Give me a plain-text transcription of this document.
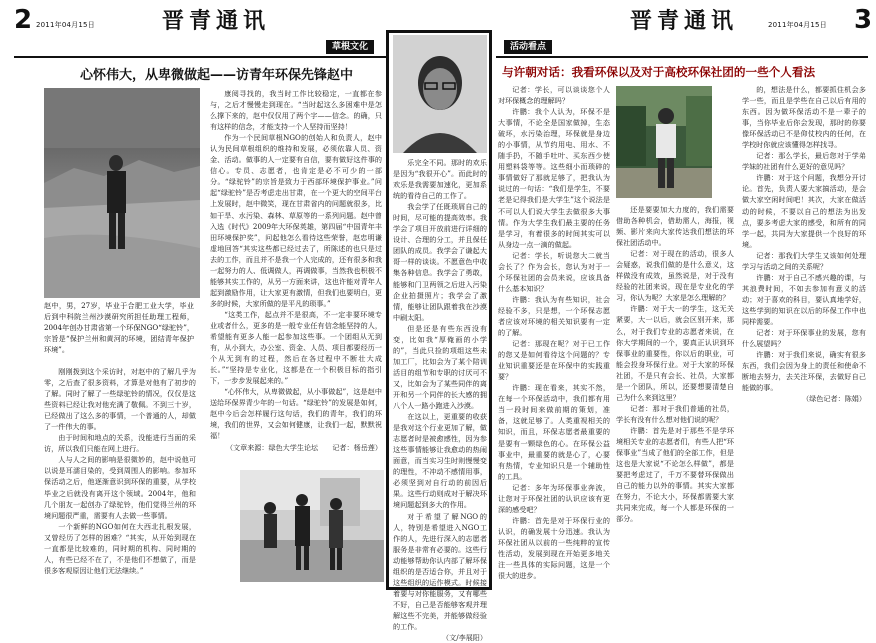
2 2011年04月15日	晋青通讯
草根文化
心怀伟大，从卑微做起——访青年环保先锋赵中
赵中，男，27岁，毕业于合肥工业大学，毕业后到中科院兰州沙漠研究所担任助理工程师，2004年创办甘肃省第一个环保NGO“绿驼铃”，宗旨是“保护兰州和黄河的环境，团结青年保护环境”。

刚刚拨到这个采访时，对赵中的了解几乎为零，之后查了很多资料，才算是对他有了初步的了解。同时了解了一些绿驼铃的情况，仅仅是这些资料已经让我对他充满了敬佩。不到三十岁，已经做出了这么多的事情，一个普通的人，却做了一件伟大的事。

由于时间和地点的关系，没能进行当面的采访，所以我们只能在网上进行。

人与人之间的影响是很微妙的，赵中说他可以说是耳濡目染的，受到周围人的影响。参加环保活动之后，他逐渐意识到环保的重要，从学校毕业之后就没有离开这个领域。2004年，他和几个朋友一起创办了绿驼铃，他们觉得兰州的环境问题很严重，需要有人去做一些事情。

一个新鲜的NGO如何在大西北扎根发展，又曾经历了怎样的困难？“其实，从开始到现在一直都是比较难的，同时期的机构、同时期的人，有些已经不在了，不是他们不想做了，而是很多客观原因让他们无法继续。”

康阅寻找的，我当时工作比较稳定，一直都在参与，之后才慢慢走到现在。“当时起这么多困难中是怎么撑下来的，赵中仅仅用了两个字——信念。的确，只有这样的信念，才能支持一个人坚持而坚持！

作为一个民间草根NGO的创始人和负责人，赵中认为民间草根组织的维持和发展，必须依靠人员、资金、活动。做事的人一定要有自信，要有做好这件事的信心。专员、志愿者，也肯定是必不可少的一部分。“绿驼铃”的宗旨是致力于西部环境保护事业。”问起“绿驼铃”是否考虑走出甘肃，在一个更大的空间平台上发展时，赵中微笑，现在甘肃省内的问题就很多，比如干旱、水污染、森林、草原等的一系列问题。赵中曾入选《时代》2009年大环保英雄，第四届“中国青年丰田环境保护奖”，问起他怎么看待这些荣誉，赵忠明谦虚地回答“其实这些都已经过去了，所陈述的也只是过去的工作，而且并不是我一个人完成的，还有很多和我一起努力的人、低调做人，再调做事，当然我也积极不能够其实工作的，从另一方面来讲，这也许能对青年人起到激励作用，让大家更有激情，但我们也要明白，更多的时候，大家所做的是平凡的琐事。”

“这类工作，起点并不是很高，不一定非要环境专业或者什么，更多的是一般专业任有信念能坚持的人，希望能有更多人能一起参加这些事。一个团组从无到有，从小到大，办公室、资金、人员、项目都要经历一个从无到有的过程，然后在各过程中不断壮大成长。”“坚持是专业化，这都是在一个积极目标的指引下，一步步发展起来的。”

“心怀伟大，从卑微做起，从小事做起”，这是赵中送给环保界青少年的一句话。“绿驼铃”的发展是如何，赵中今后会怎样履行这句话，我们的青年，我们的环境，我们的世界，又会如何健康，让我们一起，默默祝福！

（文章来源：绿色大学生论坛　　记者：杨岳莲）

乐完全不同。那时的欢乐是因为“我很开心”。而此时的欢乐是我需要加速化，更加系统的看待自己的工作了。

我会学了任既琐屑自己的时间，尽可能的提高效率。我学会了项目开放前进行详细的设计、合理的分工，并且保任团队的成员。我学会了谦起大哥一样的谈谈。不愿意色中收集各种信息。我学会了勇敢，能够和门卫两领之后进入污染企业拍摄照片；我学会了激情，能够让团队跟着我在沙漠中刷太阳。

但是还是有些东西没有变，比如我“厚俺画的小学的”，当此只捡的项组这些未加工厂，比如会为了某个陪训活目的组节和专职的讨厌可不又，比如会为了某些同伴的离开和另一个同伴的长大感的拥八个人一路小跑进入沙漠。

在这以上，更重要的收获是我对这个行业更加了解，做志愿者时是被愈感性，因为参这些事情能够让我愈动的热闹面意，而当实习生时则慢慢变的理性，不冲动不感情用事，必须坚到对自行动的前因后果。这些行动则成对于解决环境问题起到多大的作用。

对于希望了解NGO的人，特别是希望进入NGO工作的人，先进行深入的志愿者服务是非常有必要的。这些行动能够帮助你认内部了解环保组织的是否适合你，并且对于这些组织的运作模式。时候接着要与对你能服务，又有哪些不好，自己是否能够客观并理解这些不完美，并能够做经验的工作。

（文/李展阳）

活动看点
晋青通讯	2011年04月15日 3
与许朝对话：我看环保以及对于高校环保社团的一些个人看法

记者：学长，可以谈谈您个人对环保概念的理解吗？

许鹏：我个人认为，环保不是大事情，不论全是国家做掉，生态破坏，水污染治理，环保就是身边的小事情，从节约用电、用水、不随手扔，不随手吐叶、买东西少使用塑料袋等等。这些细小而琐碎的事情做好了那就足够了，把我认为说过的一句话：“我们是学生，不要老是记得我们是大学生”这个说法是不可以人们说大学生去做很多大事情。作为大学生我们最主要的任务是学习，有着很多的时间其实可以从身边一点一滴的做起。

记者：学长，听说您大二就当会长了？作为会长，您认为对于一个环保社团的会员来说，应该具备什么基本知识？

许鹏：我认为有些知识，社会经验不多，只是想，一个环保志愿者应该对环境的相关知识要有一定的了解。

记者：那现在呢？对于已工作的您又是如何看待这个问题的？专业知识重要还是在环保中的实践重要？

许鹏：现在看来，其实不然，在每一个环保活动中，我们都有用当一段时间来做前期的策划，准备，这就足够了。人类重视相关的知识，而且，环保志愿者最重要的是要有一颗绿色的心。在环保公益事业中，最重要的就是心了，心要有热情，专业知识只是一个辅助性的工具。

记者：多年为环保事业奔波，让您对于环保社团的认识应该有更深的感受吧？

许鹏：首先是对于环保行业的认识，的确发展十分迅速。我认为环保社团从以前的一些纯粹的宣传性活动，发展到现在开始更多地关注一些具体的实际问题，这是一个很大的进步。

还是要要加大力度的，我们需要借助各种机会，借助需人，海报，视频、影片来向大家传达我们想法的环保社团活动中。

记者：对于现在的活动，很多人会疑惑，说我们做的是什么意义，这样做没有成效，虽然说是，对于没有经验的社团来说，现在是专业化的学习，你认为呢？大家是怎么理解的？

许鹏：对于大一的学生，这无关紧要，大一以后，就会区别开来，那么，对于我们专业的志愿者来说，在你大学期间的一个，要真正认识到环保事业的重要性，你以后的职业，可能会投身环保行业。对于大家的环保社团，不是只有会长、社员，大家都是一个团队，所以，还要想要清楚自己为什么来到这里？

记者：那对于我们普通的社员，学长有没有什么想对他们说的呢？

许鹏：首先是对于那些不是学环境相关专业的志愿者们，有些人把“环保事业”当成了他们的全部工作，但是这也是大家说“不论怎么样做”，都是要把考虑过了，千万不要替环保做出自己的能力以外的事情。其实大家都在努力，不论大小，环保都需要大家共同来完成，每一个人都是环保的一部分。

的，想法是什么，都要抓住机会多学一些，而且是学些在自己以后有用的东西。因为做环保活动不是一辈子的事，当你毕业后你会发现，那时的你要像环保活动已不是仰仗校内的任何，在学校时你就应该懂得怎样找寻。

记者：那么学长，最后您对于学弟学妹的社团有什么更好的意见吗？

许鹏：对于这个问题，我想分开讨论。首先，负责人要大家搞活动，是会做大家空闲时间吧！其次，大家在做活动的时候，不要以自己的想法为出发点，要多考虑大家的感受，和所有的同学一起，共同为大家提供一个良好的环境。

记者：那我们大学生又该如何处理学习与活动之间的关系呢？

许鹏：对于自己不感兴趣的课，与其浪费时间，不如去参加有意义的活动；对于喜欢的科目，要认真地学好，这些学到的知识在以后的环保工作中也同样需要。

记者：对于环保事业的发展，您有什么展望吗？

许鹏：对于我们来说，确实有很多东西，我们会因为身上的责任和使命不断地去努力，去关注环保，去做好自己能做的事。

（绿色记者：陈娟）
